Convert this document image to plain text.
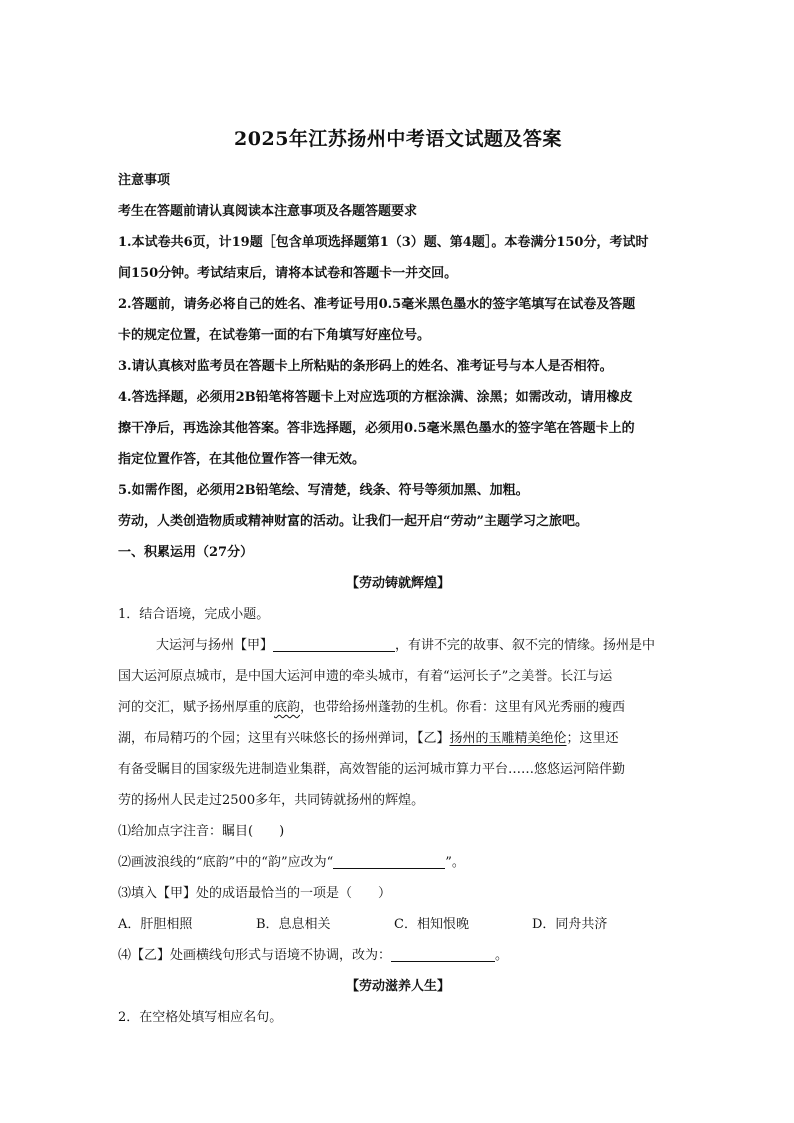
2025年江苏扬州中考语文试题及答案

注意事项

考生在答题前请认真阅读本注意事项及各题答题要求

1.本试卷共6页，计19题［包含单项选择题第1（3）题、第4题］。本卷满分150分，考试时

间150分钟。考试结束后，请将本试卷和答题卡一并交回。

2.答题前，请务必将自己的姓名、准考证号用0.5毫米黑色墨水的签字笔填写在试卷及答题

卡的规定位置，在试卷第一面的右下角填写好座位号。

3.请认真核对监考员在答题卡上所粘贴的条形码上的姓名、准考证号与本人是否相符。

4.答选择题，必须用2B铅笔将答题卡上对应选项的方框涂满、涂黑；如需改动，请用橡皮

擦干净后，再选涂其他答案。答非选择题，必须用0.5毫米黑色墨水的签字笔在答题卡上的

指定位置作答，在其他位置作答一律无效。

5.如需作图，必须用2B铅笔绘、写清楚，线条、符号等须加黑、加粗。

劳动，人类创造物质或精神财富的活动。让我们一起开启“劳动”主题学习之旅吧。

一、积累运用（27分）

【劳动铸就辉煌】

1．结合语境，完成小题。

大运河与扬州【甲】	，有讲不完的故事、叙不完的情缘。扬州是中

国大运河原点城市，是中国大运河申遗的牵头城市，有着“运河长子”之美誉。长江与运

河的交汇，赋予扬州厚重的底韵，也带给扬州蓬勃的生机。你看：这里有风光秀丽的瘦西

湖，布局精巧的个园；这里有兴味悠长的扬州弹词，【乙】扬州的玉雕精美绝伦；这里还

有备受瞩目的国家级先进制造业集群，高效智能的运河城市算力平台……悠悠运河陪伴勤

劳的扬州人民走过2500多年，共同铸就扬州的辉煌。

⑴给加点字注音：瞩目(　　)

⑵画波浪线的“底韵”中的“韵”应改为“	”。

⑶填入【甲】处的成语最恰当的一项是（　　）

A．肝胆相照	B．息息相关	C．相知恨晚	D．同舟共济

⑷【乙】处画横线句形式与语境不协调，改为：	。

【劳动滋养人生】

2．在空格处填写相应名句。
